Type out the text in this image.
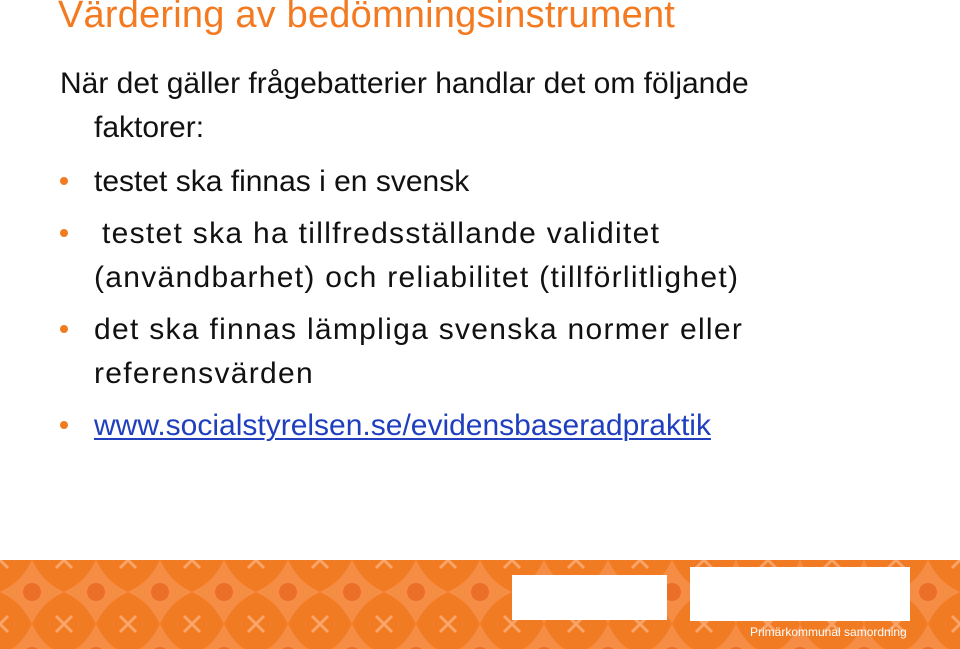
Värdering av bedömningsinstrument
När det gäller frågebatterier handlar det om följande
faktorer:
testet ska finnas i en svensk
testet ska ha tillfredsställande validitet
(användbarhet) och reliabilitet (tillförlitlighet)
det ska finnas lämpliga svenska normer eller referensvärden
www.socialstyrelsen.se/evidensbaseradpraktik
Primärkommunal samordning
